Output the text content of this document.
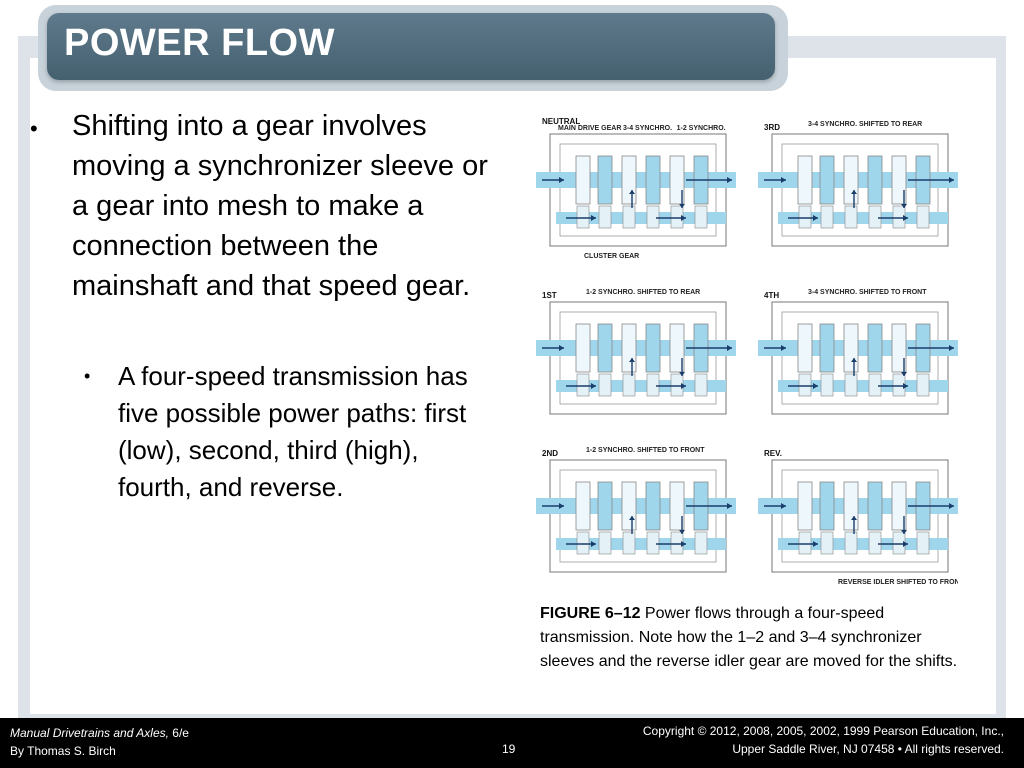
POWER FLOW
• Shifting into a gear involves moving a synchronizer sleeve or a gear into mesh to make a connection between the mainshaft and that speed gear.
• A four-speed transmission has five possible power paths: first (low), second, third (high), fourth, and reverse.
NEUTRAL
MAIN DRIVE GEAR 3-4 SYNCHRO. 1-2 SYNCHRO.
CLUSTER GEAR
3RD	3-4 SYNCHRO. SHIFTED TO REAR
1ST	1-2 SYNCHRO. SHIFTED TO REAR	4TH	3-4 SYNCHRO. SHIFTED TO FRONT
2ND	1-2 SYNCHRO. SHIFTED TO FRONT	REV.
REVERSE IDLER SHIFTED TO FRONT
FIGURE 6–12 Power flows through a four-speed transmission. Note how the 1–2 and 3–4 synchronizer sleeves and the reverse idler gear are moved for the shifts.
Manual Drivetrains and Axles, 6/e
By Thomas S. Birch	19
Copyright © 2012, 2008, 2005, 2002, 1999 Pearson Education, Inc.,
Upper Saddle River, NJ 07458 • All rights reserved.
